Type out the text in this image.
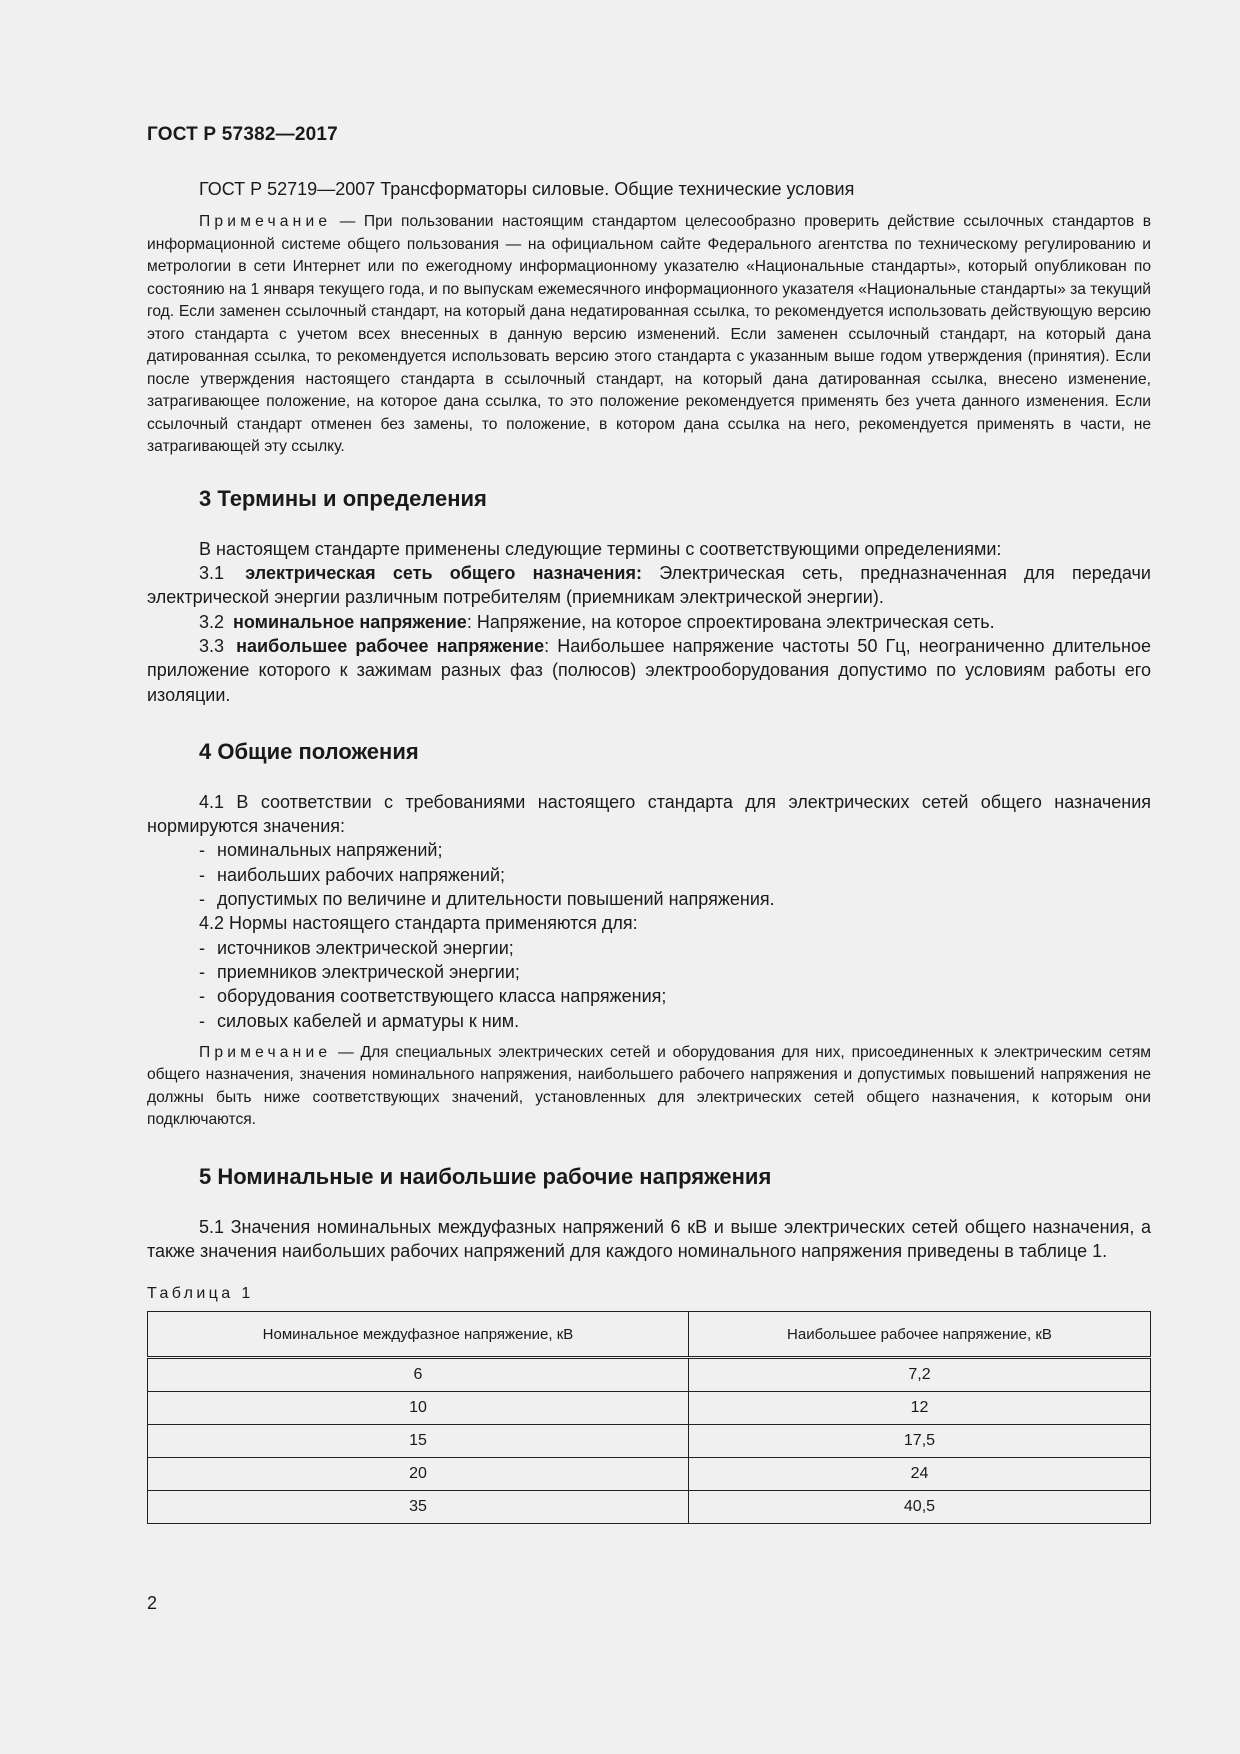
ГОСТ Р 57382—2017

ГОСТ Р 52719—2007 Трансформаторы силовые. Общие технические условия

Примечание — При пользовании настоящим стандартом целесообразно проверить действие ссылочных стандартов в информационной системе общего пользования — на официальном сайте Федерального агентства по техническому регулированию и метрологии в сети Интернет или по ежегодному информационному указателю «Национальные стандарты», который опубликован по состоянию на 1 января текущего года, и по выпускам ежемесячного информационного указателя «Национальные стандарты» за текущий год. Если заменен ссылочный стандарт, на который дана недатированная ссылка, то рекомендуется использовать действующую версию этого стандарта с учетом всех внесенных в данную версию изменений. Если заменен ссылочный стандарт, на который дана датированная ссылка, то рекомендуется использовать версию этого стандарта с указанным выше годом утверждения (принятия). Если после утверждения настоящего стандарта в ссылочный стандарт, на который дана датированная ссылка, внесено изменение, затрагивающее положение, на которое дана ссылка, то это положение рекомендуется применять без учета данного изменения. Если ссылочный стандарт отменен без замены, то положение, в котором дана ссылка на него, рекомендуется применять в части, не затрагивающей эту ссылку.

3 Термины и определения

В настоящем стандарте применены следующие термины с соответствующими определениями:

3.1 электрическая сеть общего назначения: Электрическая сеть, предназначенная для передачи электрической энергии различным потребителям (приемникам электрической энергии).

3.2 номинальное напряжение: Напряжение, на которое спроектирована электрическая сеть.

3.3 наибольшее рабочее напряжение: Наибольшее напряжение частоты 50 Гц, неограниченно длительное приложение которого к зажимам разных фаз (полюсов) электрооборудования допустимо по условиям работы его изоляции.

4 Общие положения

4.1 В соответствии с требованиями настоящего стандарта для электрических сетей общего назначения нормируются значения:

- номинальных напряжений;
- наибольших рабочих напряжений;
- допустимых по величине и длительности повышений напряжения.

4.2 Нормы настоящего стандарта применяются для:

- источников электрической энергии;
- приемников электрической энергии;
- оборудования соответствующего класса напряжения;
- силовых кабелей и арматуры к ним.

Примечание — Для специальных электрических сетей и оборудования для них, присоединенных к электрическим сетям общего назначения, значения номинального напряжения, наибольшего рабочего напряжения и допустимых повышений напряжения не должны быть ниже соответствующих значений, установленных для электрических сетей общего назначения, к которым они подключаются.

5 Номинальные и наибольшие рабочие напряжения

5.1 Значения номинальных междуфазных напряжений 6 кВ и выше электрических сетей общего назначения, а также значения наибольших рабочих напряжений для каждого номинального напряжения приведены в таблице 1.

Таблица 1
Номинальное междуфазное напряжение, кВ	Наибольшее рабочее напряжение, кВ
6	7,2
10	12
15	17,5
20	24
35	40,5
2
